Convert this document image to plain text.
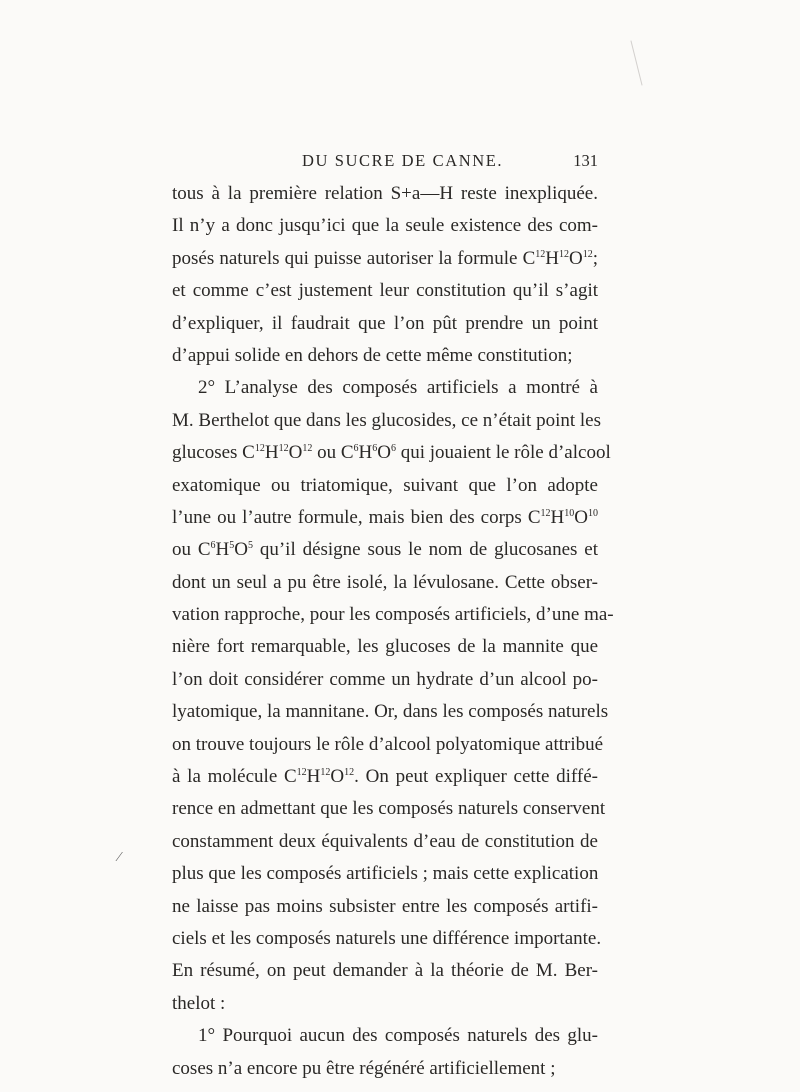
DU SUCRE DE CANNE.	131
tous à la première relation S+a—H reste inexpliquée.
Il n’y a donc jusqu’ici que la seule existence des com-
posés naturels qui puisse autoriser la formule $C^{12}H^{12}O^{12}$;
et comme c’est justement leur constitution qu’il s’agit
d’expliquer, il faudrait que l’on pût prendre un point
d’appui solide en dehors de cette même constitution;
2° L’analyse des composés artificiels a montré à
M. Berthelot que dans les glucosides, ce n’était point les
glucoses $C^{12}H^{12}O^{12}$ ou $C^6H^6O^6$ qui jouaient le rôle d’alcool
exatomique ou triatomique, suivant que l’on adopte
l’une ou l’autre formule, mais bien des corps $C^{12}H^{10}O^{10}$
ou $C^6H^5O^5$ qu’il désigne sous le nom de glucosanes et
dont un seul a pu être isolé, la lévulosane. Cette obser-
vation rapproche, pour les composés artificiels, d’une ma-
nière fort remarquable, les glucoses de la mannite que
l’on doit considérer comme un hydrate d’un alcool po-
lyatomique, la mannitane. Or, dans les composés naturels
on trouve toujours le rôle d’alcool polyatomique attribué
à la molécule $C^{12}H^{12}O^{12}$. On peut expliquer cette diffé-
rence en admettant que les composés naturels conservent
constamment deux équivalents d’eau de constitution de
plus que les composés artificiels ; mais cette explication
ne laisse pas moins subsister entre les composés artifi-
ciels et les composés naturels une différence importante.
En résumé, on peut demander à la théorie de M. Ber-
thelot :
1° Pourquoi aucun des composés naturels des glu-
coses n’a encore pu être régénéré artificiellement ;
⁄
